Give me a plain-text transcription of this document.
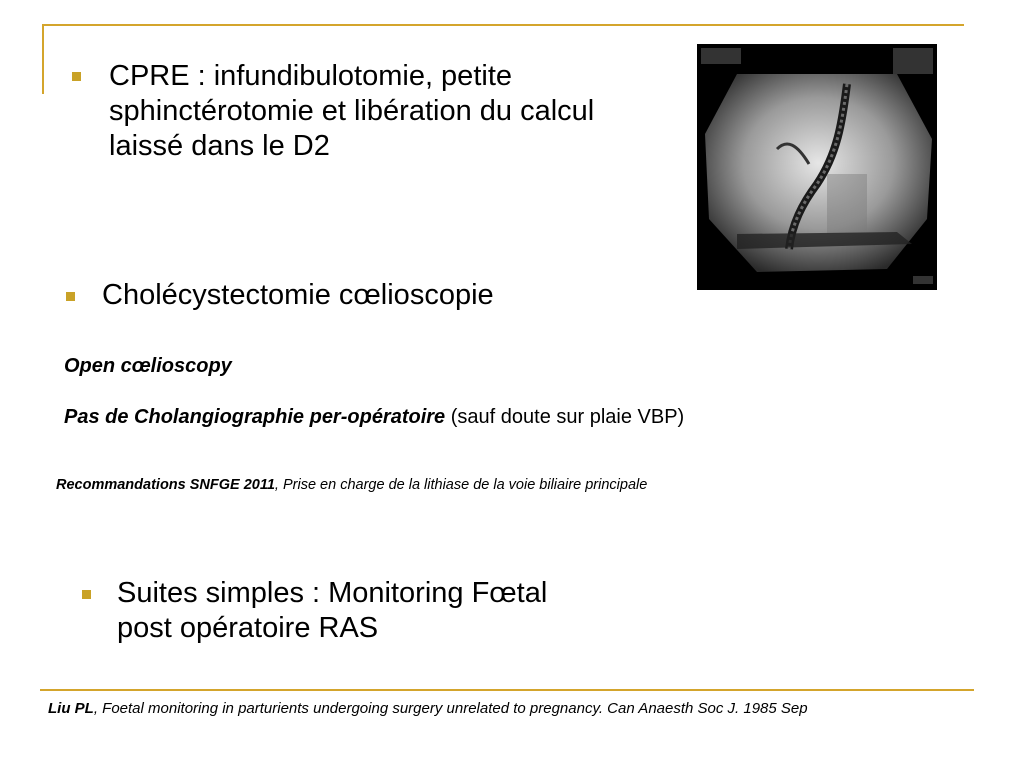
CPRE : infundibulotomie, petite sphinctérotomie et libération du calcul laissé dans le D2
Cholécystectomie cœlioscopie
Open cœlioscopy
Pas de Cholangiographie per-opératoire (sauf doute sur plaie VBP)
Recommandations SNFGE 2011, Prise en charge de la lithiase de la voie biliaire principale
Suites simples : Monitoring Fœtal post opératoire RAS
Liu PL, Foetal monitoring in parturients undergoing surgery unrelated to pregnancy. Can Anaesth Soc J. 1985 Sep
